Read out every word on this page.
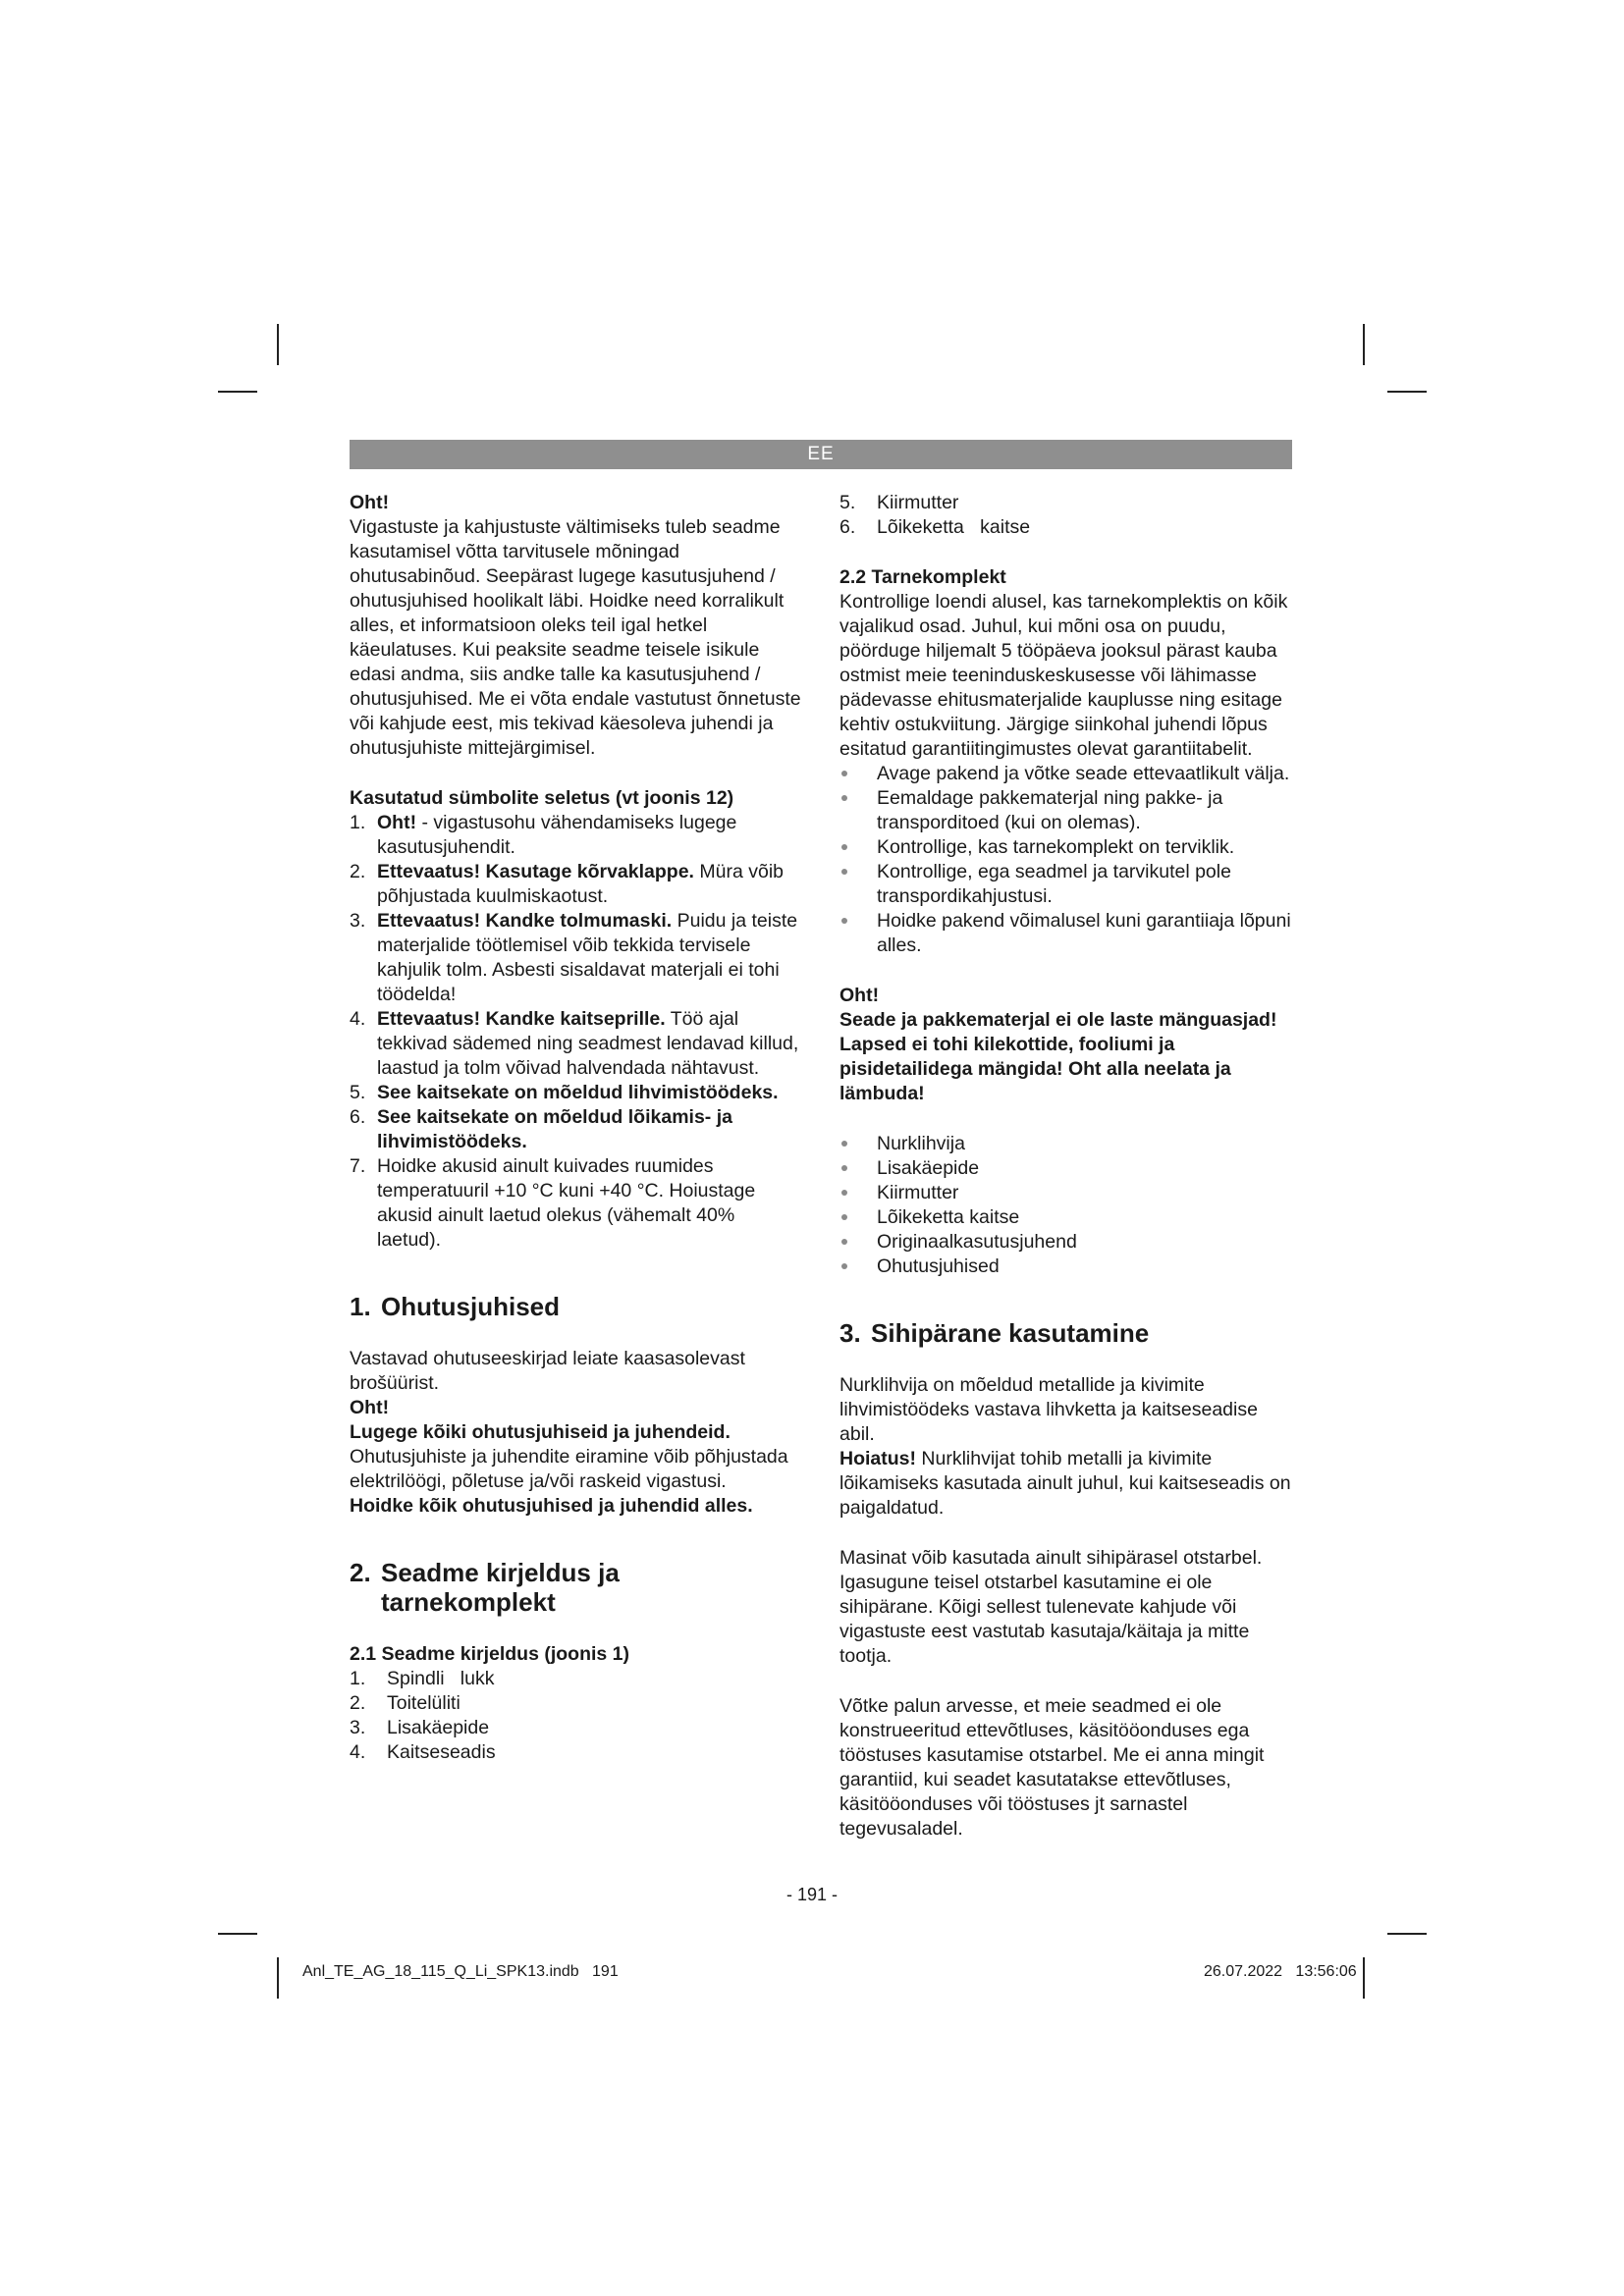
EE

Oht!

Vigastuste ja kahjustuste vältimiseks tuleb seadme kasutamisel võtta tarvitusele mõningad ohutusabinõud. Seepärast lugege kasutusjuhend / ohutusjuhised hoolikalt läbi. Hoidke need korralikult alles, et informatsioon oleks teil igal hetkel käeulatuses. Kui peaksite seadme teisele isikule edasi andma, siis andke talle ka kasutusjuhend / ohutusjuhised. Me ei võta endale vastutust õnnetuste või kahjude eest, mis tekivad käesoleva juhendi ja ohutusjuhiste mittejärgimisel.

Kasutatud sümbolite seletus (vt joonis 12)
1. Oht! - vigastusohu vähendamiseks lugege kasutusjuhendit.
2. Ettevaatus! Kasutage kõrvaklappe. Müra võib põhjustada kuulmiskaotust.
3. Ettevaatus! Kandke tolmumaski. Puidu ja teiste materjalide töötlemisel võib tekkida tervisele kahjulik tolm. Asbesti sisaldavat materjali ei tohi töödelda!
4. Ettevaatus! Kandke kaitseprille. Töö ajal tekkivad sädemed ning seadmest lendavad killud, laastud ja tolm võivad halvendada nähtavust.
5. See kaitsekate on mõeldud lihvimistöödeks.
6. See kaitsekate on mõeldud lõikamis- ja lihvimistöödeks.
7. Hoidke akusid ainult kuivades ruumides temperatuuril +10 °C kuni +40 °C. Hoiustage akusid ainult laetud olekus (vähemalt 40% laetud).
1. Ohutusjuhised

Vastavad ohutuseeskirjad leiate kaasasolevast brošüürist.

Oht!

Lugege kõiki ohutusjuhiseid ja juhendeid.

Ohutusjuhiste ja juhendite eiramine võib põhjustada elektrilöögi, põletuse ja/või raskeid vigastusi.

Hoidke kõik ohutusjuhised ja juhendid alles.

2. Seadme kirjeldus ja
tarnekomplekt
2.1 Seadme kirjeldus (joonis 1)
1. Spindli   lukk
2. Toitelüliti
3. Lisakäepide
4. Kaitseseadis
5. Kiirmutter
6. Lõikeketta   kaitse
2.2 Tarnekomplekt

Kontrollige loendi alusel, kas tarnekomplektis on kõik vajalikud osad. Juhul, kui mõni osa on puudu, pöörduge hiljemalt 5 tööpäeva jooksul pärast kauba ostmist meie teeninduskeskusesse või lähimasse pädevasse ehitusmaterjalide kauplusse ning esitage kehtiv ostukviitung. Järgige siinkohal juhendi lõpus esitatud garantiitingimustes olevat garantiitabelit.

Avage pakend ja võtke seade ettevaatlikult välja.
Eemaldage pakkematerjal ning pakke- ja transporditoed (kui on olemas).
Kontrollige, kas tarnekomplekt on terviklik.
Kontrollige, ega seadmel ja tarvikutel pole transpordikahjustusi.
Hoidke pakend võimalusel kuni garantiiaja lõpuni alles.

Oht!

Seade ja pakkematerjal ei ole laste mänguasjad! Lapsed ei tohi kilekottide, fooliumi ja pisidetailidega mängida! Oht alla neelata ja lämbuda!

Nurklihvija
Lisakäepide
Kiirmutter
Lõikeketta kaitse
Originaalkasutusjuhend
Ohutusjuhised
3. Sihipärane kasutamine

Nurklihvija on mõeldud metallide ja kivimite lihvimistöödeks vastava lihvketta ja kaitseseadise abil.
Hoiatus! Nurklihvijat tohib metalli ja kivimite lõikamiseks kasutada ainult juhul, kui kaitseseadis on paigaldatud.

Masinat võib kasutada ainult sihipärasel otstarbel. Igasugune teisel otstarbel kasutamine ei ole sihipärane. Kõigi sellest tulenevate kahjude või vigastuste eest vastutab kasutaja/käitaja ja mitte tootja.

Võtke palun arvesse, et meie seadmed ei ole konstrueeritud ettevõtluses, käsitööonduses ega tööstuses kasutamise otstarbel. Me ei anna mingit garantiid, kui seadet kasutatakse ettevõtluses, käsitööonduses või tööstuses jt sarnastel tegevusaladel.

- 191 -
Anl_TE_AG_18_115_Q_Li_SPK13.indb   191	26.07.2022   13:56:06
